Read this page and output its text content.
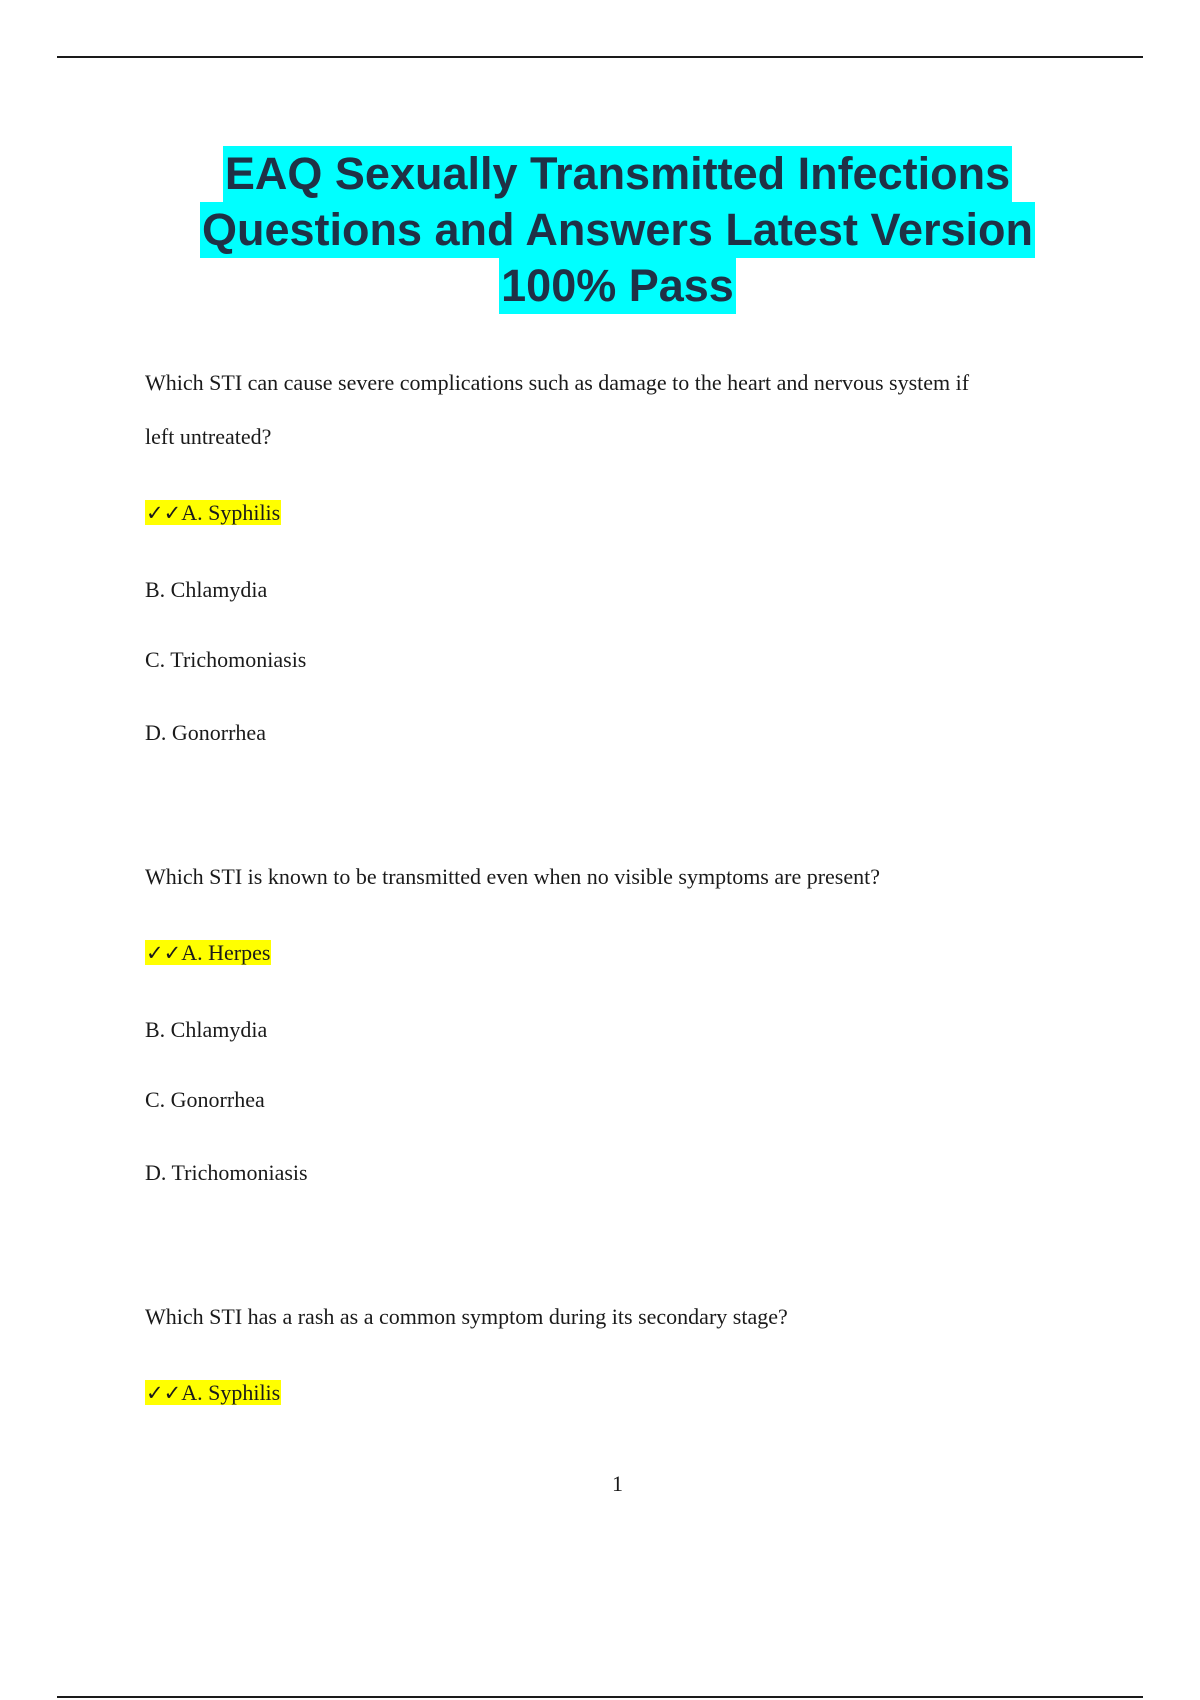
EAQ Sexually Transmitted Infections
Questions and Answers Latest Version
100% Pass
Which STI can cause severe complications such as damage to the heart and nervous system if
left untreated?
✓✓A. Syphilis
B. Chlamydia
C. Trichomoniasis
D. Gonorrhea
Which STI is known to be transmitted even when no visible symptoms are present?
✓✓A. Herpes
B. Chlamydia
C. Gonorrhea
D. Trichomoniasis
Which STI has a rash as a common symptom during its secondary stage?
✓✓A. Syphilis
1
